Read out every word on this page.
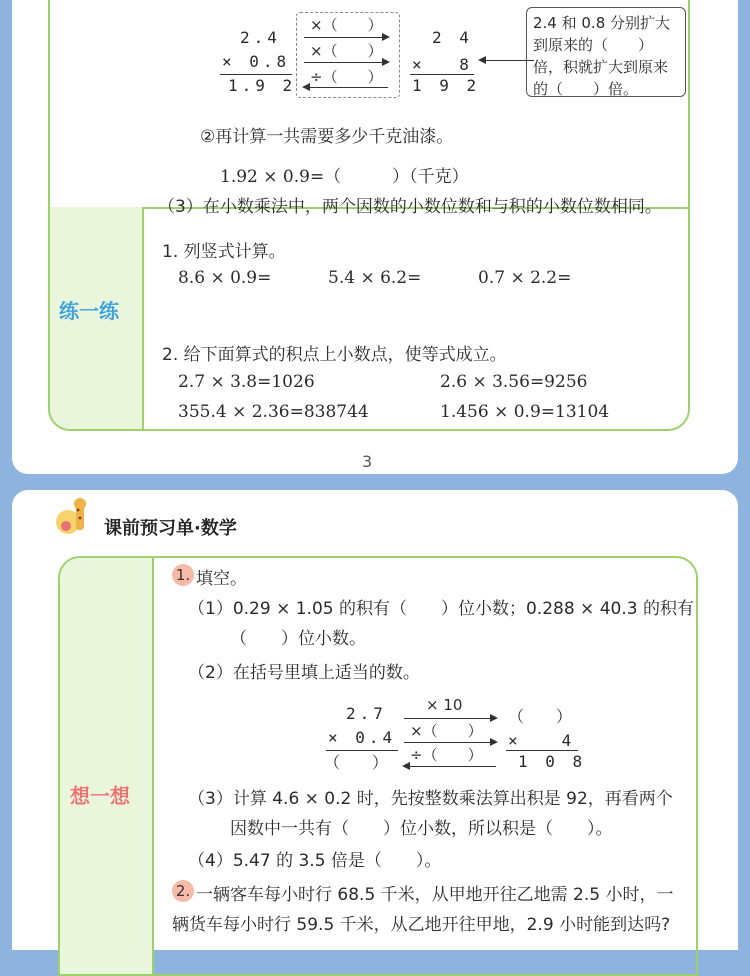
练一练
2.4
× 0.8
1.9 2
×（　　）
×（　　）
÷（　　）
2 4
×　 8
1 9 2
2.4 和 0.8 分别扩大到原来的（　　）倍，积就扩大到原来的（　　）倍。
②再计算一共需要多少千克油漆。
1.92 × 0.9=（　　　）（千克）
（3）在小数乘法中，两个因数的小数位数和与积的小数位数相同。
1. 列竖式计算。
8.6 × 0.9=	5.4 × 6.2=	0.7 × 2.2=
2. 给下面算式的积点上小数点，使等式成立。
2.7 × 3.8=1026	2.6 × 3.56=9256
355.4 × 2.36=838744	1.456 × 0.9=13104
3
课前预习单·数学
想一想
1. 填空。
（1）0.29 × 1.05 的积有（　　）位小数；0.288 × 40.3 的积有
（　　）位小数。
（2）在括号里填上适当的数。
2.7
× 0.4
（　　）
× 10
×（　　）
÷（　　）
（　　）
×　　4
1 0 8
（3）计算 4.6 × 0.2 时，先按整数乘法算出积是 92，再看两个
因数中一共有（　　）位小数，所以积是（　　）。
（4）5.47 的 3.5 倍是（　　）。
2. 一辆客车每小时行 68.5 千米，从甲地开往乙地需 2.5 小时，一
辆货车每小时行 59.5 千米，从乙地开往甲地，2.9 小时能到达吗?
